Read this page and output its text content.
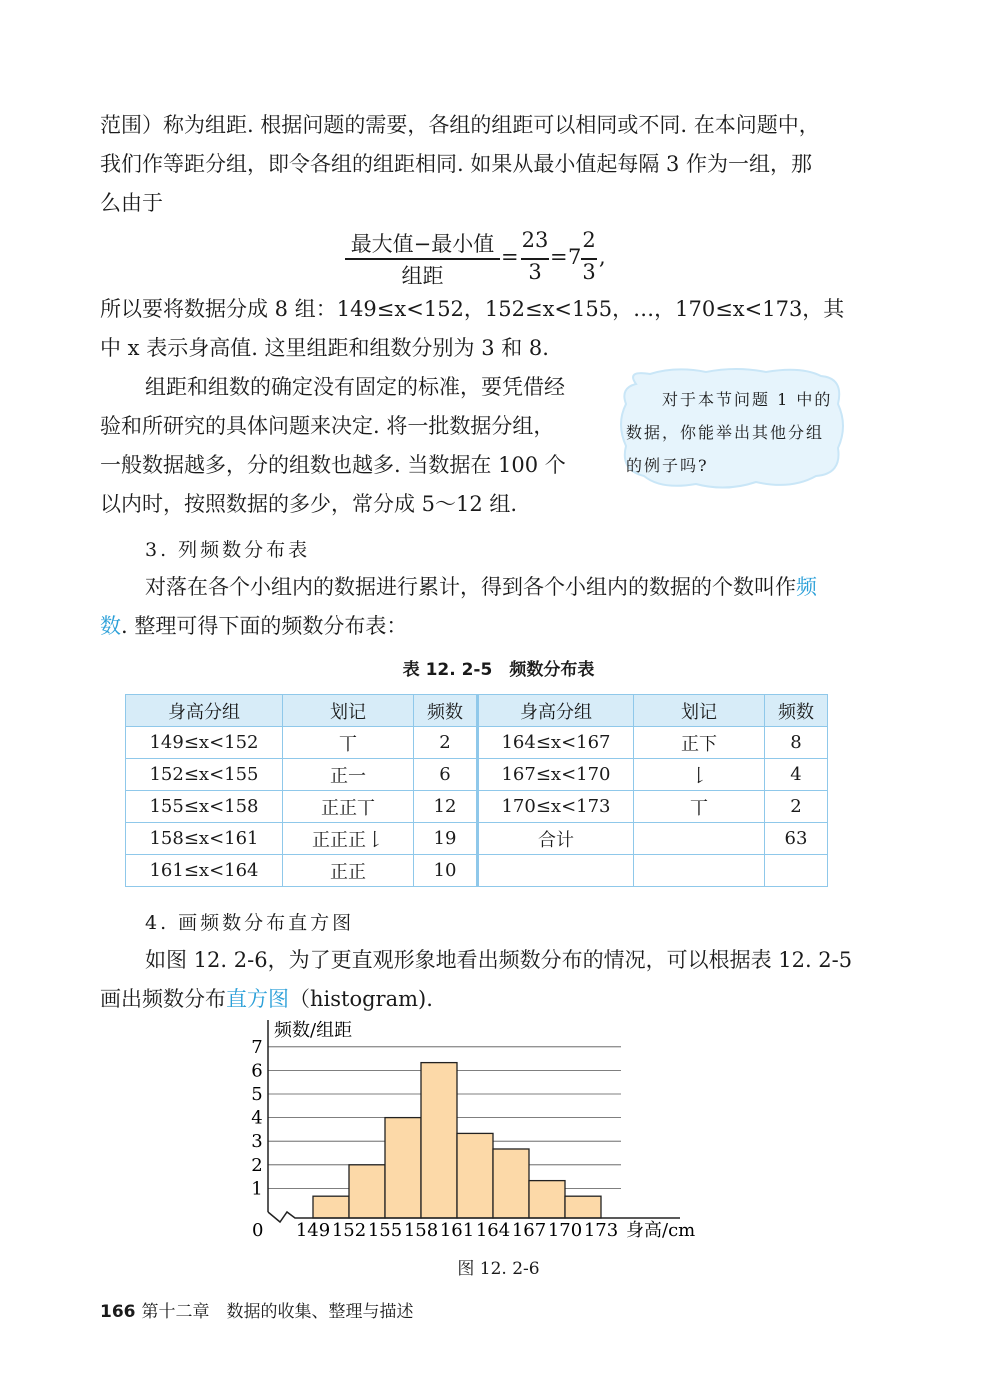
范围）称为组距. 根据问题的需要，各组的组距可以相同或不同. 在本问题中，
我们作等距分组，即令各组的组距相同. 如果从最小值起每隔 3 作为一组，那
么由于
最大值−最小值
组距
=
23
3
= 7
2
3
,
所以要将数据分成 8 组：149≤x<152，152≤x<155，…，170≤x<173，其
中 x 表示身高值. 这里组距和组数分别为 3 和 8.
组距和组数的确定没有固定的标准，要凭借经
验和所研究的具体问题来决定. 将一批数据分组，
一般数据越多，分的组数也越多. 当数据在 100 个
以内时，按照数据的多少，常分成 5～12 组.
对于本节问题 1 中的
数据，你能举出其他分组
的例子吗?
3. 列频数分布表
对落在各个小组内的数据进行累计，得到各个小组内的数据的个数叫作频
数. 整理可得下面的频数分布表：
表 12. 2-5　频数分布表
身高分组	划记	频数	身高分组	划记	频数
149≤x<152	丅	2	164≤x<167	正下	8
152≤x<155	正一	6	167≤x<170	𠄌	4
155≤x<158	正正丅	12	170≤x<173	丅	2
158≤x<161	正正正𠄌	19	合计		63
161≤x<164	正正	10			
4. 画频数分布直方图
如图 12. 2-6，为了更直观形象地看出频数分布的情况，可以根据表 12. 2-5
画出频数分布直方图（histogram).
频数/组距
身高/cm
0
1
2
3
4
5
6
7
149 152 155 158 161 164 167 170 173
图 12. 2-6
166 第十二章　数据的收集、整理与描述
